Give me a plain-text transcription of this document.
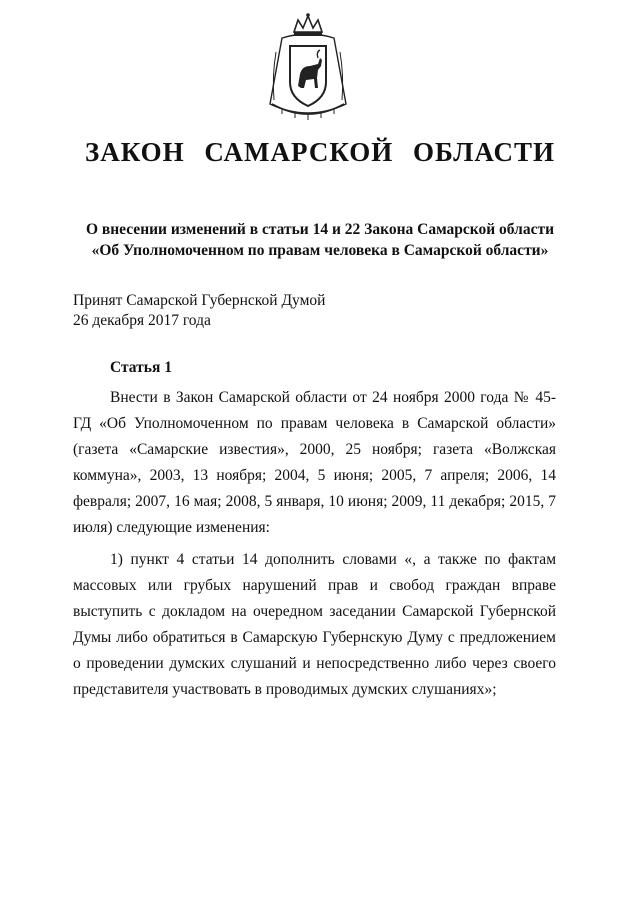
ЗАКОН САМАРСКОЙ ОБЛАСТИ
О внесении изменений в статьи 14 и 22 Закона Самарской области
«Об Уполномоченном по правам человека в Самарской области»
Принят Самарской Губернской Думой
26 декабря 2017 года
Статья 1

Внести в Закон Самарской области от 24 ноября 2000 года № 45-ГД «Об Уполномоченном по правам человека в Самарской области» (газета «Самарские известия», 2000, 25 ноября; газета «Волжская коммуна», 2003, 13 ноября; 2004, 5 июня; 2005, 7 апреля; 2006, 14 февраля; 2007, 16 мая; 2008, 5 января, 10 июня; 2009, 11 декабря; 2015, 7 июля) следующие изменения:

1) пункт 4 статьи 14 дополнить словами «, а также по фактам массовых или грубых нарушений прав и свобод граждан вправе выступить с докладом на очередном заседании Самарской Губернской Думы либо обратиться в Самарскую Губернскую Думу с предложением о проведении думских слушаний и непосредственно либо через своего представителя участвовать в проводимых думских слушаниях»;
